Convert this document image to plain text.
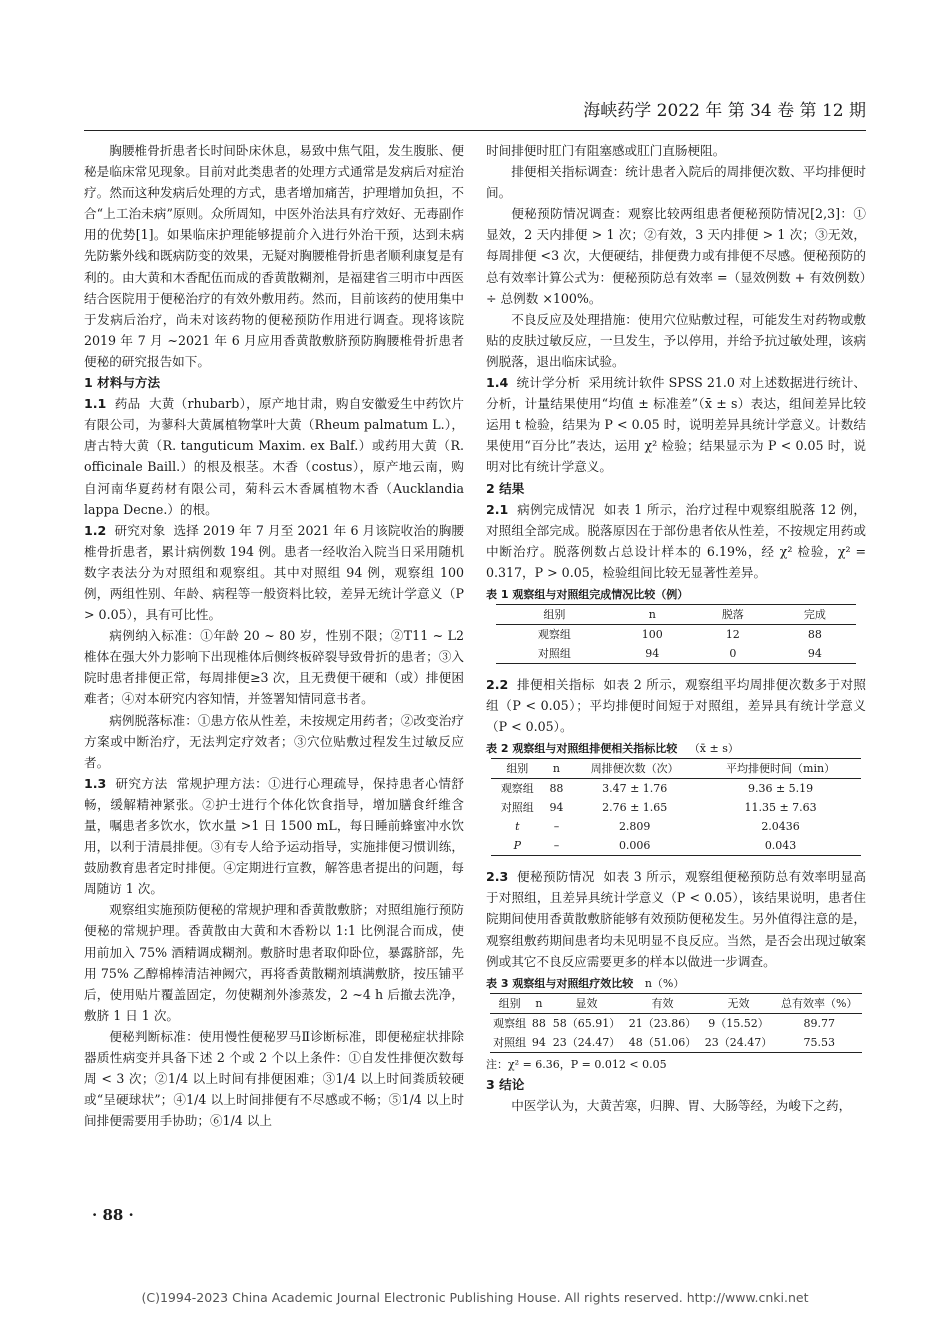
海峡药学 2022 年 第 34 卷 第 12 期

胸腰椎骨折患者长时间卧床休息，易致中焦气阻，发生腹胀、便秘是临床常见现象。目前对此类患者的处理方式通常是发病后对症治疗。然而这种发病后处理的方式，患者增加痛苦，护理增加负担，不合“上工治未病”原则。众所周知，中医外治法具有疗效好、无毒副作用的优势[1]。如果临床护理能够提前介入进行外治干预，达到未病先防紫外线和既病防变的效果，无疑对胸腰椎骨折患者顺利康复是有利的。由大黄和木香配伍而成的香黄散糊剂，是福建省三明市中西医结合医院用于便秘治疗的有效外敷用药。然而，目前该药的使用集中于发病后治疗，尚未对该药物的便秘预防作用进行调查。现将该院 2019 年 7 月 ~2021 年 6 月应用香黄散敷脐预防胸腰椎骨折患者便秘的研究报告如下。

1 材料与方法

1.1 药品 大黄（rhubarb），原产地甘肃，购自安徽爱生中药饮片有限公司，为蓼科大黄属植物掌叶大黄（Rheum palmatum L.），唐古特大黄（R. tanguticum Maxim. ex Balf.）或药用大黄（R. officinale Baill.）的根及根茎。木香（costus），原产地云南，购自河南华夏药材有限公司，菊科云木香属植物木香（Aucklandia lappa Decne.）的根。

1.2 研究对象 选择 2019 年 7 月至 2021 年 6 月该院收治的胸腰椎骨折患者，累计病例数 194 例。患者一经收治入院当日采用随机数字表法分为对照组和观察组。其中对照组 94 例，观察组 100 例，两组性别、年龄、病程等一般资料比较，差异无统计学意义（P > 0.05），具有可比性。

病例纳入标准：①年龄 20 ~ 80 岁，性别不限；②T11 ~ L2 椎体在强大外力影响下出现椎体后侧终板碎裂导致骨折的患者；③入院时患者排便正常，每周排便≥3 次，且无费便干硬和（或）排便困难者；④对本研究内容知情，并签署知情同意书者。

病例脱落标准：①患方依从性差，未按规定用药者；②改变治疗方案或中断治疗，无法判定疗效者；③穴位贴敷过程发生过敏反应者。

1.3 研究方法 常规护理方法：①进行心理疏导，保持患者心情舒畅，缓解精神紧张。②护士进行个体化饮食指导，增加膳食纤维含量，嘱患者多饮水，饮水量 >1 日 1500 mL，每日睡前蜂蜜冲水饮用，以利于清晨排便。③有专人给予运动指导，实施排便习惯训练，鼓励教育患者定时排便。④定期进行宣教，解答患者提出的问题，每周随访 1 次。

观察组实施预防便秘的常规护理和香黄散敷脐；对照组施行预防便秘的常规护理。香黄散由大黄和木香粉以 1:1 比例混合而成，使用前加入 75% 酒精调成糊剂。敷脐时患者取仰卧位，暴露脐部，先用 75% 乙醇棉棒清洁神阙穴，再将香黄散糊剂填满敷脐，按压铺平后，使用贴片覆盖固定，勿使糊剂外渗蒸发，2 ~4 h 后撤去洗净，敷脐 1 日 1 次。

便秘判断标准：使用慢性便秘罗马Ⅱ诊断标准，即便秘症状排除器质性病变并具备下述 2 个或 2 个以上条件：①自发性排便次数每周 < 3 次；②1/4 以上时间有排便困难；③1/4 以上时间粪质较硬或“呈硬球状”；④1/4 以上时间排便有不尽感或不畅；⑤1/4 以上时间排便需要用手协助；⑥1/4 以上

时间排便时肛门有阻塞感或肛门直肠梗阻。

排便相关指标调查：统计患者入院后的周排便次数、平均排便时间。

便秘预防情况调查：观察比较两组患者便秘预防情况[2,3]：①显效，2 天内排便 > 1 次；②有效，3 天内排便 > 1 次；③无效，每周排便 <3 次，大便硬结，排便费力或有排便不尽感。便秘预防的总有效率计算公式为：便秘预防总有效率 =（显效例数 + 有效例数）÷ 总例数 ×100%。

不良反应及处理措施：使用穴位贴敷过程，可能发生对药物或敷贴的皮肤过敏反应，一旦发生，予以停用，并给予抗过敏处理，该病例脱落，退出临床试验。

1.4 统计学分析 采用统计软件 SPSS 21.0 对上述数据进行统计、分析，计量结果使用“均值 ± 标准差”（x̄ ± s）表达，组间差异比较运用 t 检验，结果为 P < 0.05 时，说明差异具统计学意义。计数结果使用“百分比”表达，运用 χ² 检验；结果显示为 P < 0.05 时，说明对比有统计学意义。

2 结果

2.1 病例完成情况 如表 1 所示，治疗过程中观察组脱落 12 例，对照组全部完成。脱落原因在于部份患者依从性差，不按规定用药或中断治疗。脱落例数占总设计样本的 6.19%，经 χ² 检验，χ² = 0.317，P > 0.05，检验组间比较无显著性差异。

表 1 观察组与对照组完成情况比较（例）

组别	n	脱落	完成
观察组	100	12	88
对照组	94	0	94

2.2 排便相关指标 如表 2 所示，观察组平均周排便次数多于对照组（P < 0.05）；平均排便时间短于对照组，差异具有统计学意义（P < 0.05）。

表 2 观察组与对照组排便相关指标比较 （x̄ ± s）

组别	n	周排便次数（次）	平均排便时间（min）
观察组	88	3.47 ± 1.76	9.36 ± 5.19
对照组	94	2.76 ± 1.65	11.35 ± 7.63
t	–	2.809	2.0436
P	–	0.006	0.043

2.3 便秘预防情况 如表 3 所示，观察组便秘预防总有效率明显高于对照组，且差异具统计学意义（P < 0.05），该结果说明，患者住院期间使用香黄散敷脐能够有效预防便秘发生。另外值得注意的是，观察组敷药期间患者均未见明显不良反应。当然，是否会出现过敏案例或其它不良反应需要更多的样本以做进一步调查。

表 3 观察组与对照组疗效比较 n（%）

组别	n	显效	有效	无效	总有效率（%）
观察组	88	58（65.91）	21（23.86）	9（15.52）	89.77
对照组	94	23（24.47）	48（51.06）	23（24.47）	75.53

注：χ² = 6.36，P = 0.012 < 0.05

3 结论

中医学认为，大黄苦寒，归脾、胃、大肠等经，为峻下之药，

· 88 ·
(C)1994-2023 China Academic Journal Electronic Publishing House. All rights reserved. http://www.cnki.net
